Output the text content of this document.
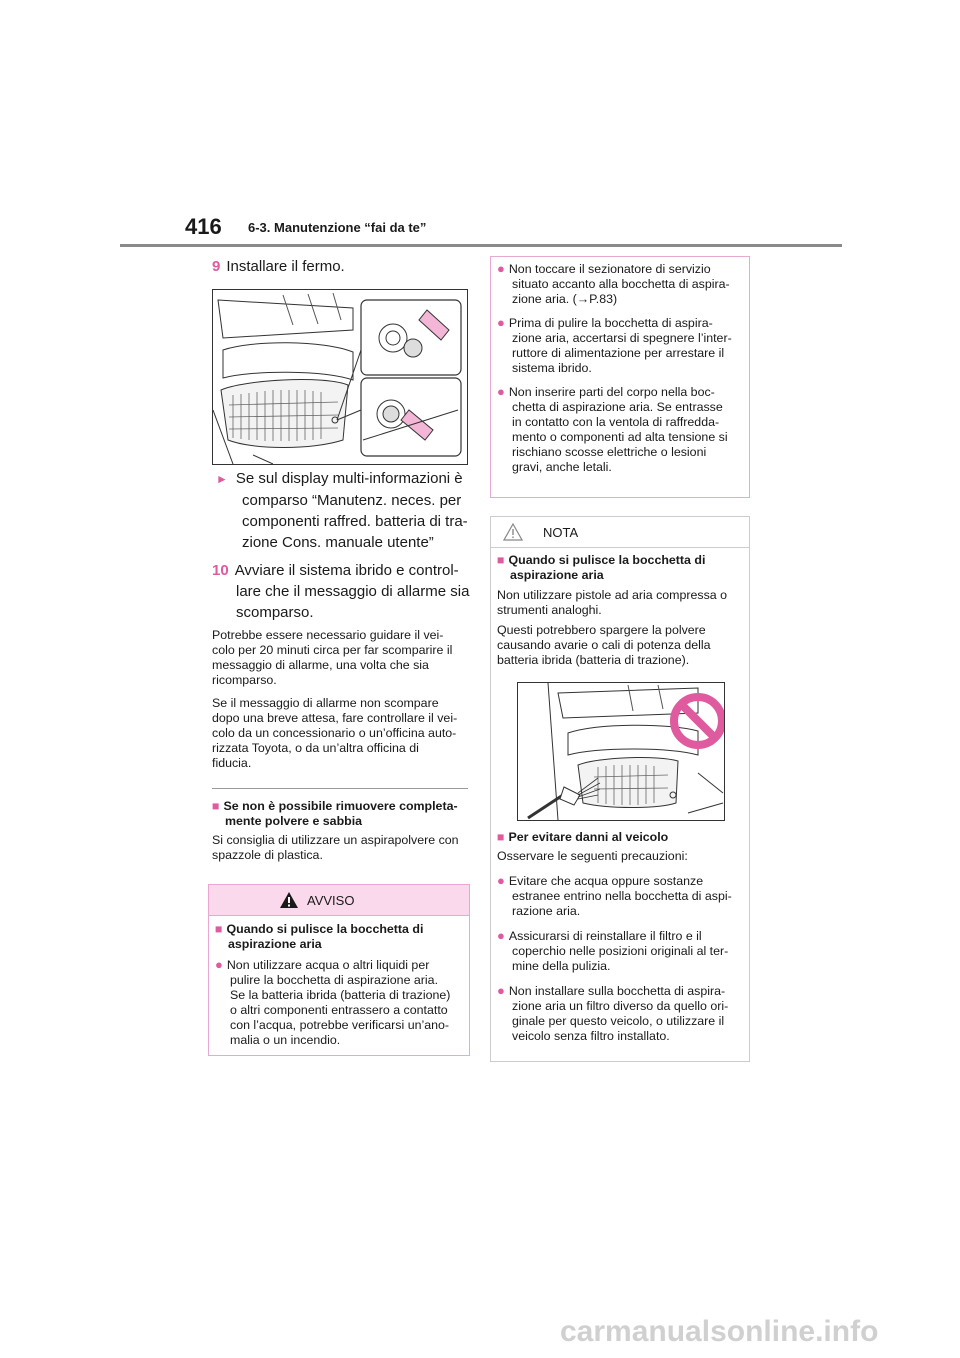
416 6-3. Manutenzione “fai da te”
9 Installare il fermo.
► Se sul display multi-informazioni è
comparso “Manutenz. neces. per
componenti raffred. batteria di tra-
zione Cons. manuale utente”
10 Avviare il sistema ibrido e control-
lare che il messaggio di allarme sia
scomparso.
Potrebbe essere necessario guidare il vei-
colo per 20 minuti circa per far scomparire il
messaggio di allarme, una volta che sia
ricomparso.
Se il messaggio di allarme non scompare
dopo una breve attesa, fare controllare il vei-
colo da un concessionario o un’officina auto-
rizzata Toyota, o da un’altra officina di
fiducia.
■ Se non è possibile rimuovere completa-
mente polvere e sabbia
Si consiglia di utilizzare un aspirapolvere con
spazzole di plastica.
AVVISO
■ Quando si pulisce la bocchetta di
aspirazione aria
● Non utilizzare acqua o altri liquidi per
pulire la bocchetta di aspirazione aria.
Se la batteria ibrida (batteria di trazione)
o altri componenti entrassero a contatto
con l’acqua, potrebbe verificarsi un’ano-
malia o un incendio.
● Non toccare il sezionatore di servizio
situato accanto alla bocchetta di aspira-
zione aria. (→P.83)
● Prima di pulire la bocchetta di aspira-
zione aria, accertarsi di spegnere l’inter-
ruttore di alimentazione per arrestare il
sistema ibrido.
● Non inserire parti del corpo nella boc-
chetta di aspirazione aria. Se entrasse
in contatto con la ventola di raffredda-
mento o componenti ad alta tensione si
rischiano scosse elettriche o lesioni
gravi, anche letali.
NOTA
■ Quando si pulisce la bocchetta di
aspirazione aria
Non utilizzare pistole ad aria compressa o
strumenti analoghi.
Questi potrebbero spargere la polvere
causando avarie o cali di potenza della
batteria ibrida (batteria di trazione).
■ Per evitare danni al veicolo
Osservare le seguenti precauzioni:
● Evitare che acqua oppure sostanze
estranee entrino nella bocchetta di aspi-
razione aria.
● Assicurarsi di reinstallare il filtro e il
coperchio nelle posizioni originali al ter-
mine della pulizia.
● Non installare sulla bocchetta di aspira-
zione aria un filtro diverso da quello ori-
ginale per questo veicolo, o utilizzare il
veicolo senza filtro installato.
carmanualsonline.info
